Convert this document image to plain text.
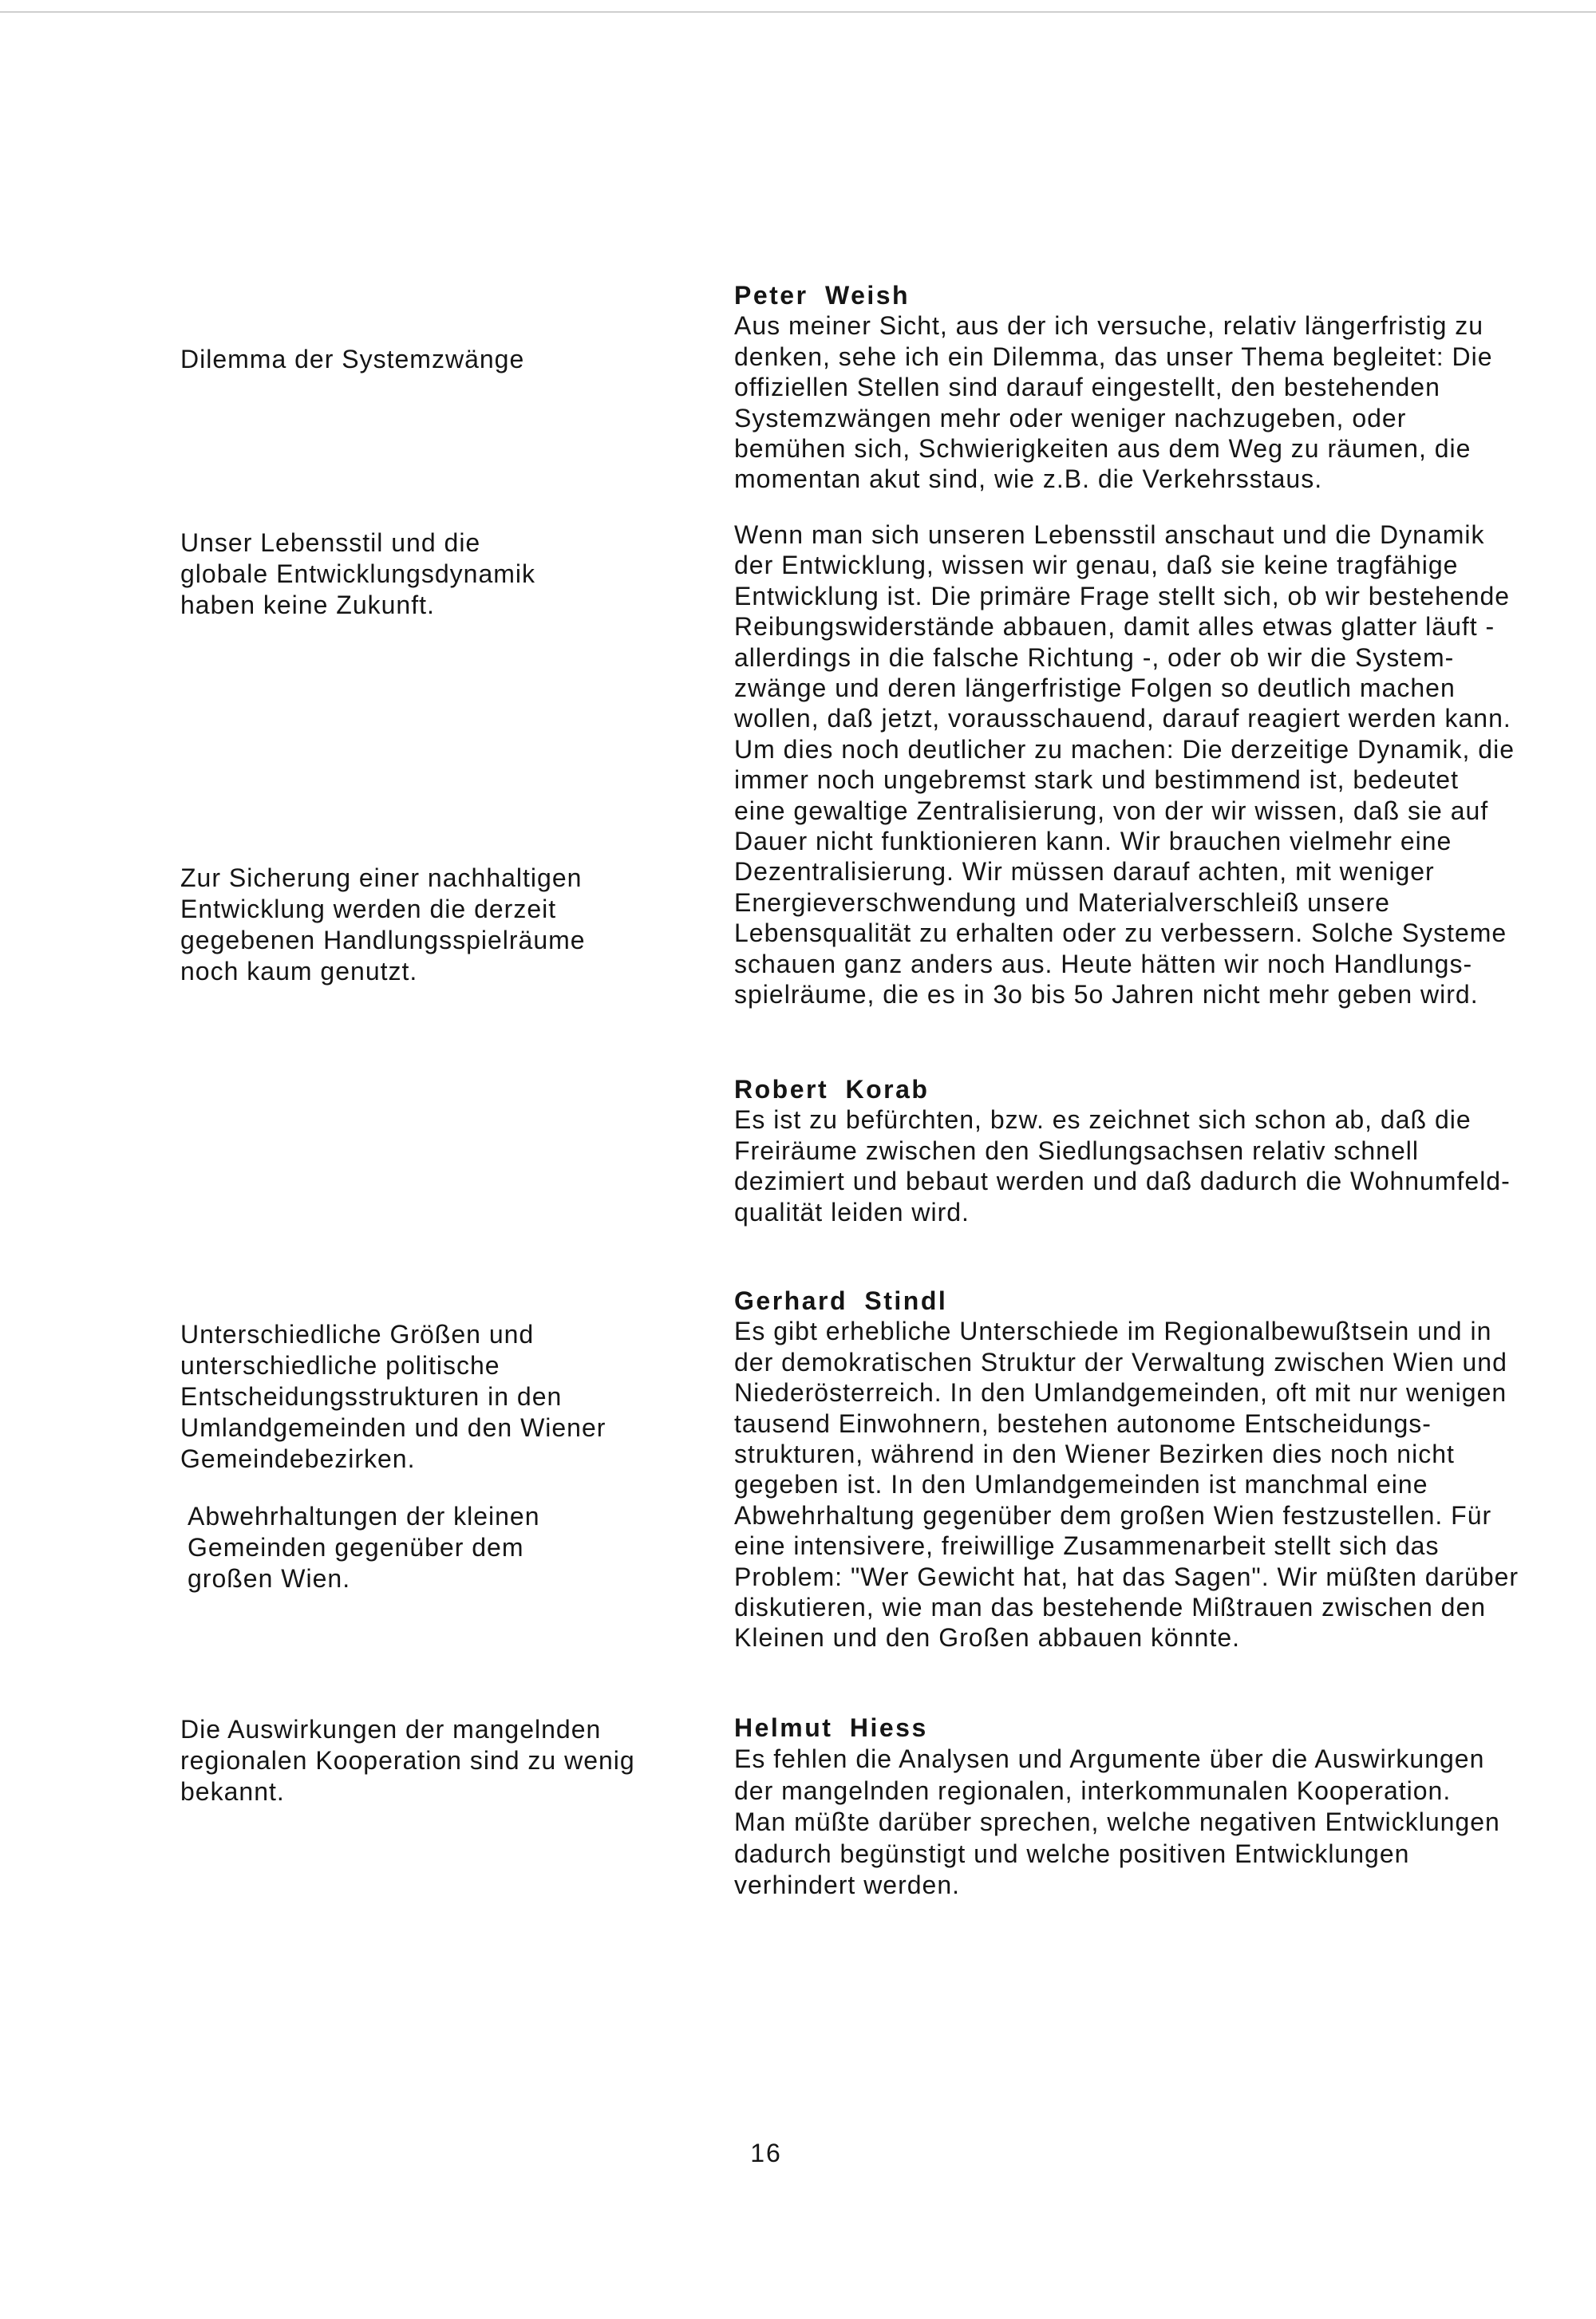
Dilemma der Systemzwänge
Unser Lebensstil und die
globale Entwicklungsdynamik
haben keine Zukunft.
Zur Sicherung einer nachhaltigen
Entwicklung werden die derzeit
gegebenen Handlungsspielräume
noch kaum genutzt.
Unterschiedliche Größen und
unterschiedliche politische
Entscheidungsstrukturen in den
Umlandgemeinden und den Wiener
Gemeindebezirken.
Abwehrhaltungen der kleinen
Gemeinden gegenüber dem
großen Wien.
Die Auswirkungen der mangelnden
regionalen Kooperation sind zu wenig
bekannt.
Peter Weish
Aus meiner Sicht, aus der ich versuche, relativ längerfristig zu
denken, sehe ich ein Dilemma, das unser Thema begleitet: Die
offiziellen Stellen sind darauf eingestellt, den bestehenden
Systemzwängen mehr oder weniger nachzugeben, oder
bemühen sich, Schwierigkeiten aus dem Weg zu räumen, die
momentan akut sind, wie z.B. die Verkehrsstaus.
Wenn man sich unseren Lebensstil anschaut und die Dynamik
der Entwicklung, wissen wir genau, daß sie keine tragfähige
Entwicklung ist. Die primäre Frage stellt sich, ob wir bestehende
Reibungswiderstände abbauen, damit alles etwas glatter läuft -
allerdings in die falsche Richtung -, oder ob wir die System-
zwänge und deren längerfristige Folgen so deutlich machen
wollen, daß jetzt, vorausschauend, darauf reagiert werden kann.
Um dies noch deutlicher zu machen: Die derzeitige Dynamik, die
immer noch ungebremst stark und bestimmend ist, bedeutet
eine gewaltige Zentralisierung, von der wir wissen, daß sie auf
Dauer nicht funktionieren kann. Wir brauchen vielmehr eine
Dezentralisierung. Wir müssen darauf achten, mit weniger
Energieverschwendung und Materialverschleiß unsere
Lebensqualität zu erhalten oder zu verbessern. Solche Systeme
schauen ganz anders aus. Heute hätten wir noch Handlungs-
spielräume, die es in 3o bis 5o Jahren nicht mehr geben wird.
Robert Korab
Es ist zu befürchten, bzw. es zeichnet sich schon ab, daß die
Freiräume zwischen den Siedlungsachsen relativ schnell
dezimiert und bebaut werden und daß dadurch die Wohnumfeld-
qualität leiden wird.
Gerhard Stindl
Es gibt erhebliche Unterschiede im Regionalbewußtsein und in
der demokratischen Struktur der Verwaltung zwischen Wien und
Niederösterreich. In den Umlandgemeinden, oft mit nur wenigen
tausend Einwohnern, bestehen autonome Entscheidungs-
strukturen, während in den Wiener Bezirken dies noch nicht
gegeben ist. In den Umlandgemeinden ist manchmal eine
Abwehrhaltung gegenüber dem großen Wien festzustellen. Für
eine intensivere, freiwillige Zusammenarbeit stellt sich das
Problem: "Wer Gewicht hat, hat das Sagen". Wir müßten darüber
diskutieren, wie man das bestehende Mißtrauen zwischen den
Kleinen und den Großen abbauen könnte.
Helmut Hiess
Es fehlen die Analysen und Argumente über die Auswirkungen
der mangelnden regionalen, interkommunalen Kooperation.
Man müßte darüber sprechen, welche negativen Entwicklungen
dadurch begünstigt und welche positiven Entwicklungen
verhindert werden.
16
